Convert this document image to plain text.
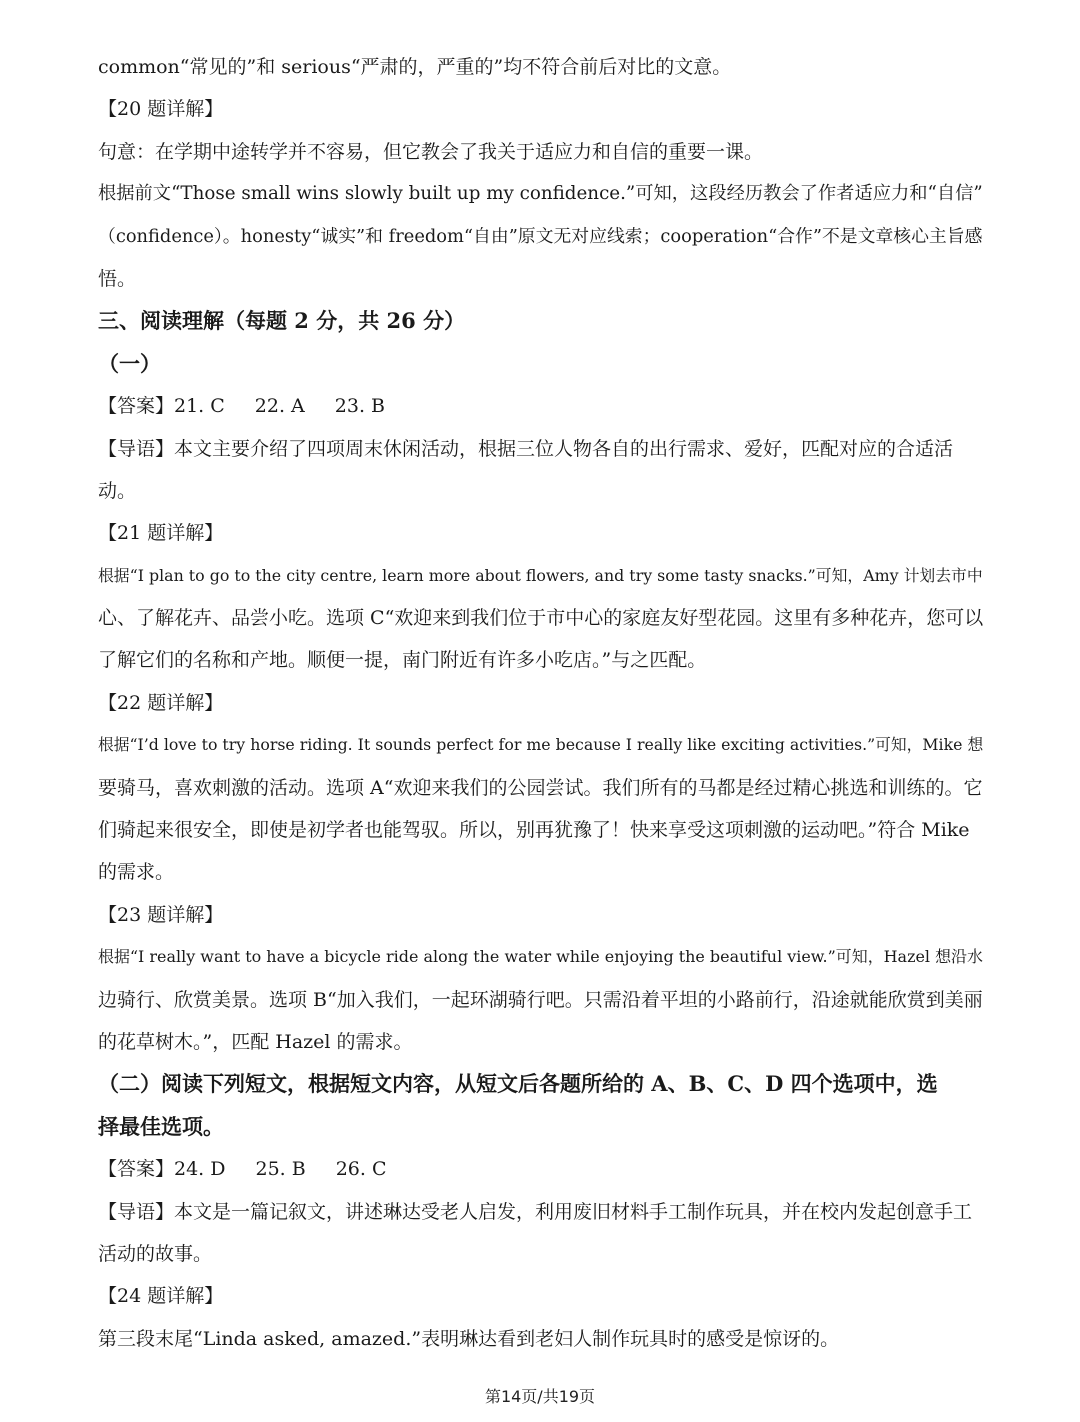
common“常见的”和 serious“严肃的，严重的”均不符合前后对比的文意。
【20 题详解】
句意：在学期中途转学并不容易，但它教会了我关于适应力和自信的重要一课。
根据前文“Those small wins slowly built up my confidence.”可知，这段经历教会了作者适应力和“自信”
（confidence）。honesty“诚实”和 freedom“自由”原文无对应线索；cooperation“合作”不是文章核心主旨感
悟。
三、阅读理解（每题 2 分，共 26 分）
（一）
【答案】21. C 22. A 23. B
【导语】本文主要介绍了四项周末休闲活动，根据三位人物各自的出行需求、爱好，匹配对应的合适活
动。
【21 题详解】
根据“I plan to go to the city centre, learn more about flowers, and try some tasty snacks.”可知，Amy 计划去市中
心、了解花卉、品尝小吃。选项 C“欢迎来到我们位于市中心的家庭友好型花园。这里有多种花卉，您可以
了解它们的名称和产地。顺便一提，南门附近有许多小吃店。”与之匹配。
【22 题详解】
根据“I’d love to try horse riding. It sounds perfect for me because I really like exciting activities.”可知，Mike 想
要骑马，喜欢刺激的活动。选项 A“欢迎来我们的公园尝试。我们所有的马都是经过精心挑选和训练的。它
们骑起来很安全，即使是初学者也能驾驭。所以，别再犹豫了！快来享受这项刺激的运动吧。”符合 Mike
的需求。
【23 题详解】
根据“I really want to have a bicycle ride along the water while enjoying the beautiful view.”可知，Hazel 想沿水
边骑行、欣赏美景。选项 B“加入我们，一起环湖骑行吧。只需沿着平坦的小路前行，沿途就能欣赏到美丽
的花草树木。”，匹配 Hazel 的需求。
（二）阅读下列短文，根据短文内容，从短文后各题所给的 A、B、C、D 四个选项中，选
择最佳选项。
【答案】24. D 25. B 26. C
【导语】本文是一篇记叙文，讲述琳达受老人启发，利用废旧材料手工制作玩具，并在校内发起创意手工
活动的故事。
【24 题详解】
第三段末尾“Linda asked, amazed.”表明琳达看到老妇人制作玩具时的感受是惊讶的。
第14页/共19页
